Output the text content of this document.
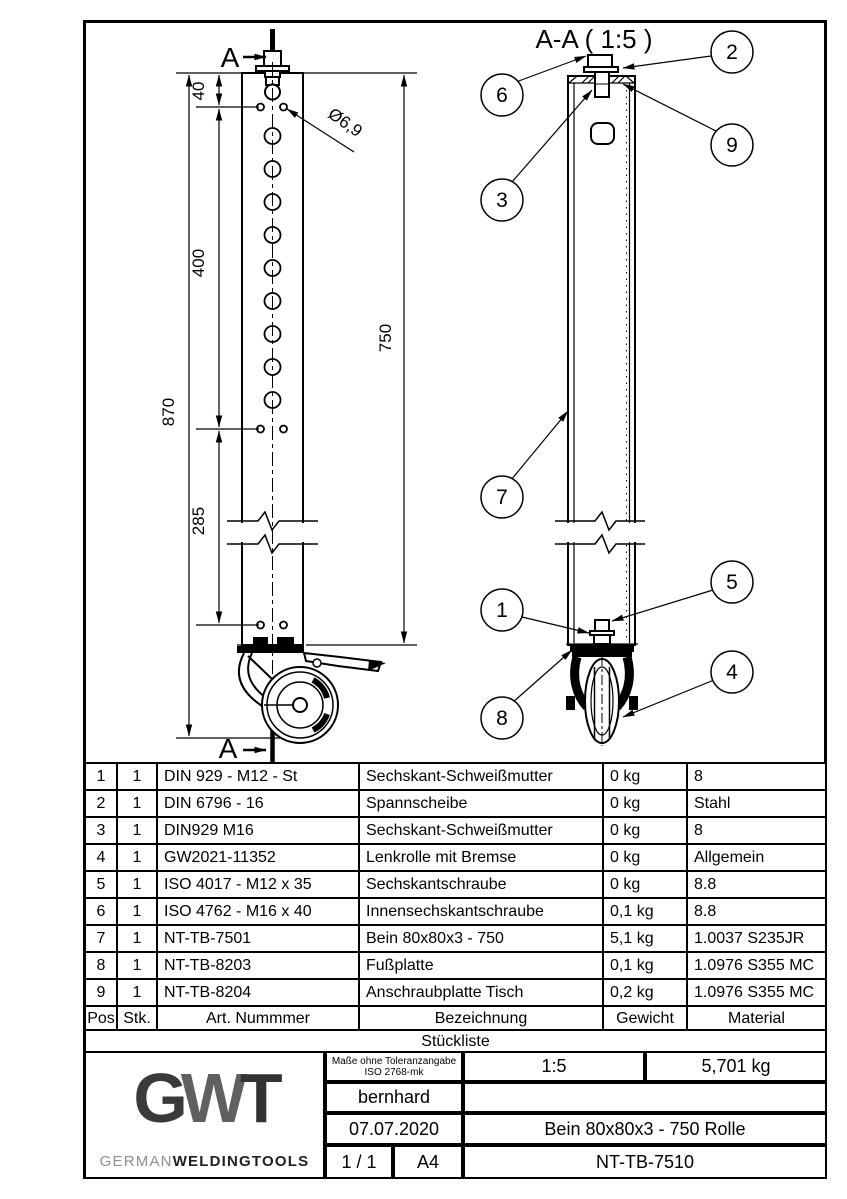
870
40
400
285
750
Ø6,9
A
A
A-A ( 1:5 )
6
2
9
3
7
1
5
8
4
1	1	DIN 929 - M12 - St	Sechskant-Schweißmutter	0 kg	8
2	1	DIN 6796 - 16	Spannscheibe	0 kg	Stahl
3	1	DIN929 M16	Sechskant-Schweißmutter	0 kg	8
4	1	GW2021-11352	Lenkrolle mit Bremse	0 kg	Allgemein
5	1	ISO 4017 - M12 x 35	Sechskantschraube	0 kg	8.8
6	1	ISO 4762 - M16 x 40	Innensechskantschraube	0,1 kg	8.8
7	1	NT-TB-7501	Bein 80x80x3 - 750	5,1 kg	1.0037 S235JR
8	1	NT-TB-8203	Fußplatte	0,1 kg	1.0976 S355 MC
9	1	NT-TB-8204	Anschraubplatte Tisch	0,2 kg	1.0976 S355 MC
Pos Stk.	Art. Nummmer	Bezeichnung	Gewicht	Material
Stückliste
GWT
GERMANWELDINGTOOLS
Maße ohne Toleranzangabe
ISO 2768-mk	1:5	5,701 kg
bernhard
07.07.2020	Bein 80x80x3 - 750 Rolle
1 / 1	A4	NT-TB-7510
